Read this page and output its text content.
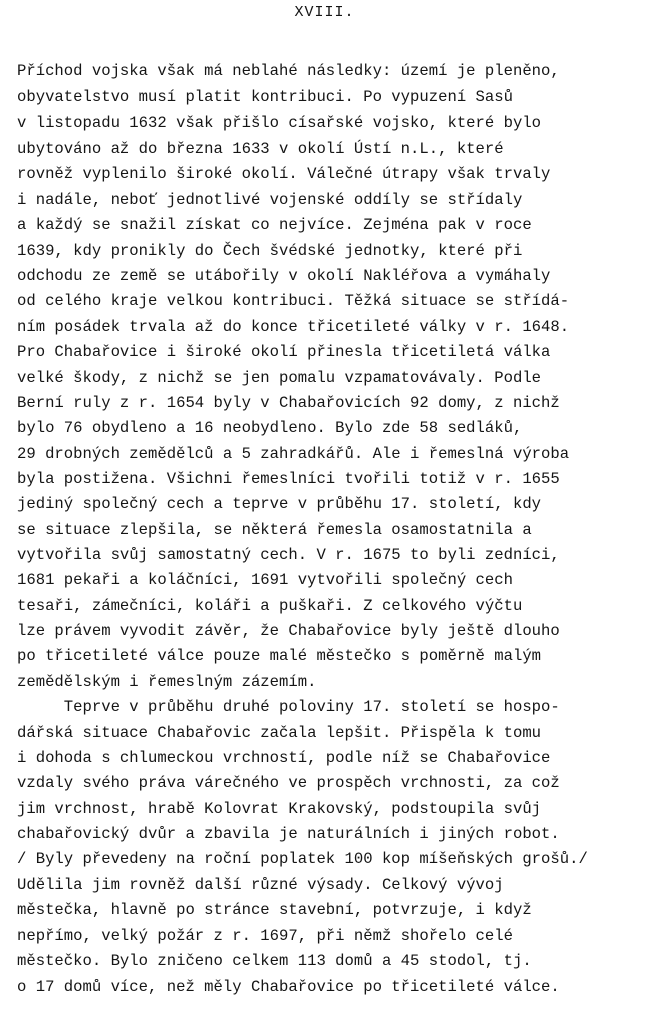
XVIII.
Příchod vojska však má neblahé následky: území je pleněno,
obyvatelstvo musí platit kontribuci. Po vypuzení Sasů
v listopadu 1632 však přišlo císařské vojsko, které bylo
ubytováno až do března 1633 v okolí Ústí n.L., které
rovněž vyplenilo široké okolí. Válečné útrapy však trvaly
i nadále, neboť jednotlivé vojenské oddíly se střídaly
a každý se snažil získat co nejvíce. Zejména pak v roce
1639, kdy pronikly do Čech švédské jednotky, které při
odchodu ze země se utábořily v okolí Nakléřova a vymáhaly
od celého kraje velkou kontribuci. Těžká situace se střídá-
ním posádek trvala až do konce třicetileté války v r. 1648.
Pro Chabařovice i široké okolí přinesla třicetiletá válka
velké škody, z nichž se jen pomalu vzpamatovávaly. Podle
Berní ruly z r. 1654 byly v Chabařovicích 92 domy, z nichž
bylo 76 obydleno a 16 neobydleno. Bylo zde 58 sedláků,
29 drobných zemědělců a 5 zahradkářů. Ale i řemeslná výroba
byla postižena. Všichni řemeslníci tvořili totiž v r. 1655
jediný společný cech a teprve v průběhu 17. století, kdy
se situace zlepšila, se některá řemesla osamostatnila a
vytvořila svůj samostatný cech. V r. 1675 to byli zedníci,
1681 pekaři a koláčníci, 1691 vytvořili společný cech
tesaři, zámečníci, koláři a puškaři. Z celkového výčtu
lze právem vyvodit závěr, že Chabařovice byly ještě dlouho
po třicetileté válce pouze malé městečko s poměrně malým
zemědělským i řemeslným zázemím.
Teprve v průběhu druhé poloviny 17. století se hospo-
dářská situace Chabařovic začala lepšit. Přispěla k tomu
i dohoda s chlumeckou vrchností, podle níž se Chabařovice
vzdaly svého práva várečného ve prospěch vrchnosti, za což
jim vrchnost, hrabě Kolovrat Krakovský, podstoupila svůj
chabařovický dvůr a zbavila je naturálních i jiných robot.
/ Byly převedeny na roční poplatek 100 kop míšeňských grošů./
Udělila jim rovněž další různé výsady. Celkový vývoj
městečka, hlavně po stránce stavební, potvrzuje, i když
nepřímo, velký požár z r. 1697, při němž shořelo celé
městečko. Bylo zničeno celkem 113 domů a 45 stodol, tj.
o 17 domů více, než měly Chabařovice po třicetileté válce.
